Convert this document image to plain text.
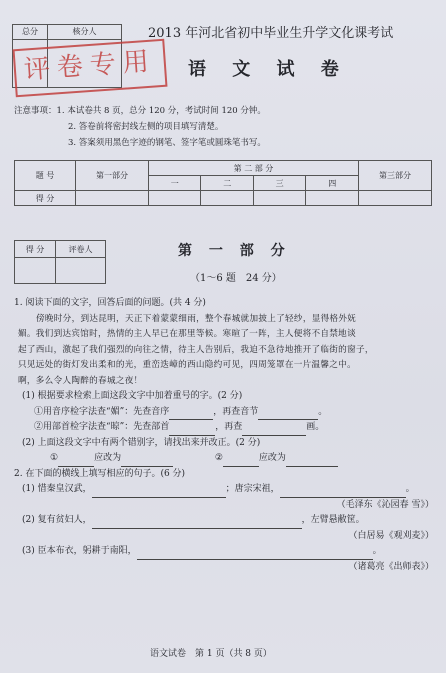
总分	核分人
评卷专用
2013 年河北省初中毕业生升学文化课考试
语 文 试 卷
注意事项：1. 本试卷共 8 页，总分 120 分，考试时间 120 分钟。
2. 答卷前将密封线左侧的项目填写清楚。
3. 答案须用黑色字迹的钢笔、签字笔或圆珠笔书写。
题 号	第一部分	第 二 部 分				第三部分
		一	二	三	四	
得 分						
得 分	评卷人
		第 一 部 分
（1～6 题　24 分）
1. 阅读下面的文字，回答后面的问题。(共 4 分)
傍晚时分，到达昆明，天正下着蒙蒙细雨，整个春城就加披上了轻纱，显得格外妩
媚。我们到达宾馆时，热情的主人早已在那里等候。寒暄了一阵，主人便将不自禁地谈
起了西山，激起了我们强烈的向往之情，待主人告别后，我迫不急待地推开了临街的窗子，
只见远处的街灯发出柔和的光，重峦迭嶂的西山隐约可见，四周笼罩在一片温馨之中。
啊，多么令人陶醉的春城之夜！
(1) 根据要求检索上面这段文字中加着重号的字。(2 分)
①用音序检字法查“媚”：先查音序	，再查音节	。
②用部首检字法查“晾”：先查部首	，再查	画。
(2) 上面这段文字中有两个错别字，请找出来并改正。(2 分)
①	应改为	②	应改为
2. 在下面的横线上填写相应的句子。(6 分)
(1) 惜秦皇汉武，	；唐宗宋祖，	。
（毛泽东《沁园春 雪》）
(2) 复有贫妇人，	，左臂悬敝筐。
（白居易《观刈麦》）
(3) 臣本布衣，躬耕于南阳，	。
（诸葛亮《出师表》）
语文试卷　第 1 页（共 8 页）
